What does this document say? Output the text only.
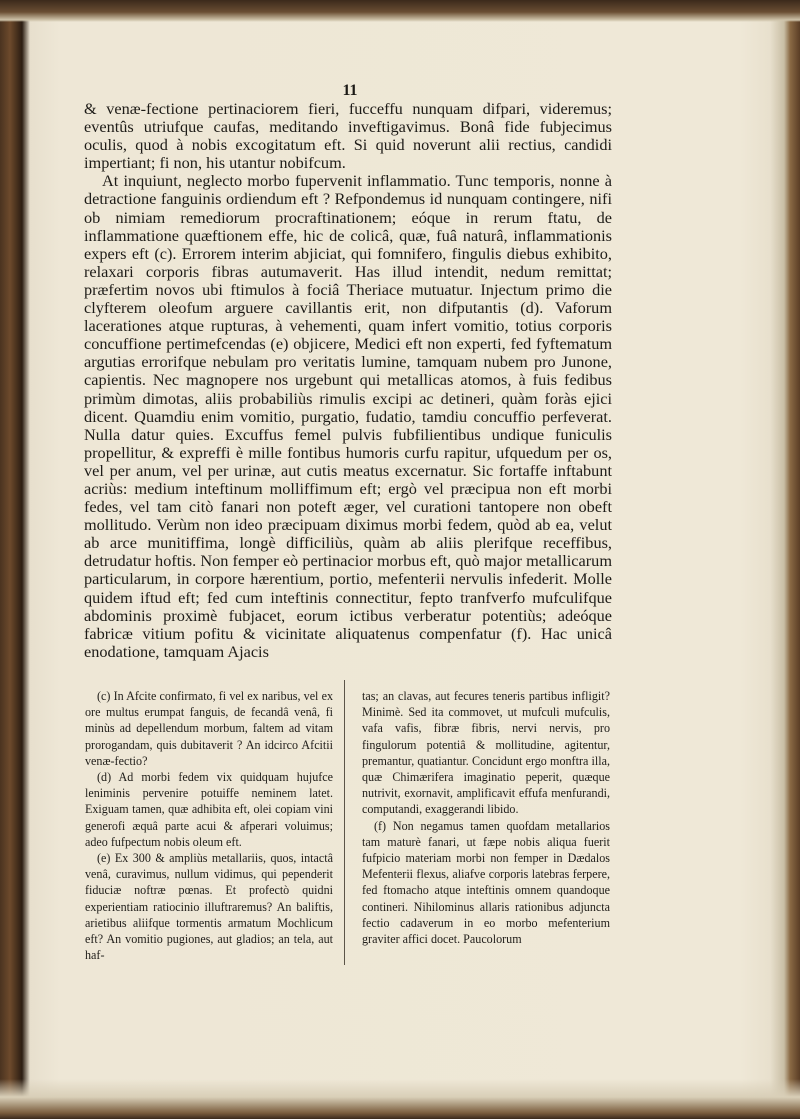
11

& venæ-fectione pertinaciorem fieri, fucceffu nunquam difpari, videremus; eventûs utriufque caufas, meditando inveftigavimus. Bonâ fide fubjecimus oculis, quod à nobis excogitatum eft. Si quid noverunt alii rectius, candidi impertiant; fi non, his utantur nobifcum.

At inquiunt, neglecto morbo fupervenit inflammatio. Tunc temporis, nonne à detractione fanguinis ordiendum eft ? Refpondemus id nunquam contingere, nifi ob nimiam remediorum procraftinationem; eóque in rerum ftatu, de inflammatione quæftionem effe, hic de colicâ, quæ, fuâ naturâ, inflammationis expers eft (c). Errorem interim abjiciat, qui fomnifero, fingulis diebus exhibito, relaxari corporis fibras autumaverit. Has illud intendit, nedum remittat; præfertim novos ubi ftimulos à fociâ Theriace mutuatur. Injectum primo die clyfterem oleofum arguere cavillantis erit, non difputantis (d). Vaforum lacerationes atque rupturas, à vehementi, quam infert vomitio, totius corporis concuffione pertimefcendas (e) objicere, Medici eft non experti, fed fyftematum argutias errorifque nebulam pro veritatis lumine, tamquam nubem pro Junone, capientis. Nec magnopere nos urgebunt qui metallicas atomos, à fuis fedibus primùm dimotas, aliis probabiliùs rimulis excipi ac detineri, quàm foràs ejici dicent. Quamdiu enim vomitio, purgatio, fudatio, tamdiu concuffio perfeverat. Nulla datur quies. Excuffus femel pulvis fubfilientibus undique funiculis propellitur, & expreffi è mille fontibus humoris curfu rapitur, ufquedum per os, vel per anum, vel per urinæ, aut cutis meatus excernatur. Sic fortaffe inftabunt acriùs: medium inteftinum molliffimum eft; ergò vel præcipua non eft morbi fedes, vel tam citò fanari non poteft æger, vel curationi tantopere non obeft mollitudo. Verùm non ideo præcipuam diximus morbi fedem, quòd ab ea, velut ab arce munitiffima, longè difficiliùs, quàm ab aliis plerifque receffibus, detrudatur hoftis. Non femper eò pertinacior morbus eft, quò major metallicarum particularum, in corpore hærentium, portio, mefenterii nervulis infederit. Molle quidem iftud eft; fed cum inteftinis connectitur, fepto tranfverfo mufculifque abdominis proximè fubjacet, eorum ictibus verberatur potentiùs; adeóque fabricæ vitium pofitu & vicinitate aliquatenus compenfatur (f). Hac unicâ enodatione, tamquam Ajacis

(c) In Afcite confirmato, fi vel ex naribus, vel ex ore multus erumpat fanguis, de fecandâ venâ, fi minùs ad depellendum morbum, faltem ad vitam prorogandam, quis dubitaverit ? An idcirco Afcitii venæ-fectio?

(d) Ad morbi fedem vix quidquam hujufce leniminis pervenire potuiffe neminem latet. Exiguam tamen, quæ adhibita eft, olei copiam vini generofi æquâ parte acui & afperari voluimus; adeo fufpectum nobis oleum eft.

(e) Ex 300 & ampliùs metallariis, quos, intactâ venâ, curavimus, nullum vidimus, qui pependerit fiduciæ noftræ pœnas. Et profectò quidni experientiam ratiocinio illuftraremus? An baliftis, arietibus aliifque tormentis armatum Mochlicum eft? An vomitio pugiones, aut gladios; an tela, aut haf-

tas; an clavas, aut fecures teneris partibus infligit? Minimè. Sed ita commovet, ut mufculi mufculis, vafa vafis, fibræ fibris, nervi nervis, pro fingulorum potentiâ & mollitudine, agitentur, premantur, quatiantur. Concidunt ergo monftra illa, quæ Chimærifera imaginatio peperit, quæque nutrivit, exornavit, amplificavit effufa menfurandi, computandi, exaggerandi libido.

(f) Non negamus tamen quofdam metallarios tam maturè fanari, ut fæpe nobis aliqua fuerit fufpicio materiam morbi non femper in Dædalos Mefenterii flexus, aliafve corporis latebras ferpere, fed ftomacho atque inteftinis omnem quandoque contineri. Nihilominus allaris rationibus adjuncta fectio cadaverum in eo morbo mefenterium graviter affici docet. Paucolorum
